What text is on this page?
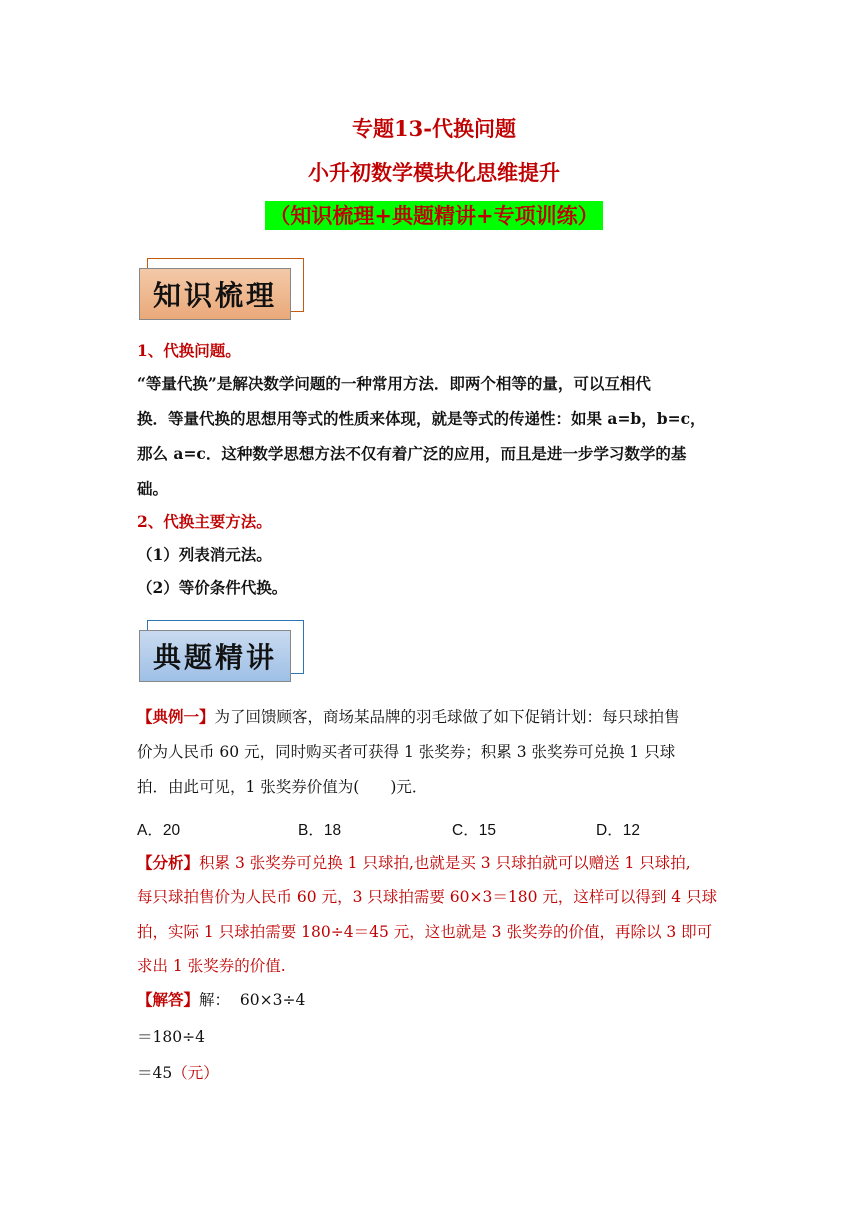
专题13-代换问题
小升初数学模块化思维提升
（知识梳理+典题精讲+专项训练）
知识梳理
1、代换问题。
“等量代换”是解决数学问题的一种常用方法．即两个相等的量，可以互相代
换．等量代换的思想用等式的性质来体现，就是等式的传递性：如果 a=b，b=c，
那么 a=c．这种数学思想方法不仅有着广泛的应用，而且是进一步学习数学的基
础。
2、代换主要方法。
（1）列表消元法。
（2）等价条件代换。
典题精讲
【典例一】为了回馈顾客，商场某品牌的羽毛球做了如下促销计划：每只球拍售
价为人民币 60 元，同时购买者可获得 1 张奖券；积累 3 张奖券可兑换 1 只球
拍．由此可见，1 张奖券价值为(　　)元．
A．20	B．18	C．15	D．12
【分析】积累 3 张奖券可兑换 1 只球拍,也就是买 3 只球拍就可以赠送 1 只球拍,
每只球拍售价为人民币 60 元，3 只球拍需要 60×3＝180 元，这样可以得到 4 只球
拍，实际 1 只球拍需要 180÷4＝45 元，这也就是 3 张奖券的价值，再除以 3 即可
求出 1 张奖券的价值.
【解答】解： 60×3÷4
＝180÷4
＝45（元）
